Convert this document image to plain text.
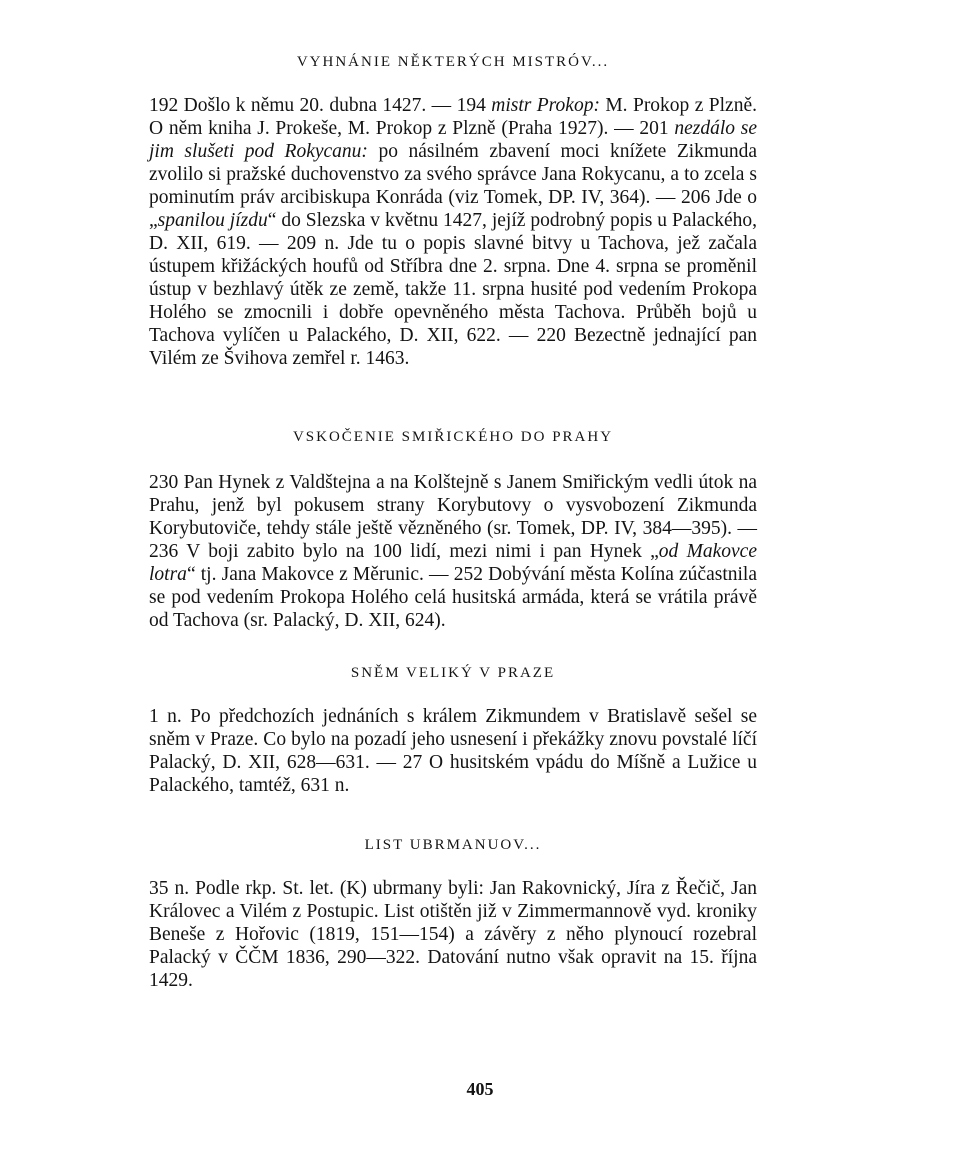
VYHNÁNIE NĚKTERÝCH MISTRÓV...

192 Došlo k němu 20. dubna 1427. — 194 mistr Prokop: M. Prokop z Plzně. O něm kniha J. Prokeše, M. Prokop z Plzně (Praha 1927). — 201 nezdálo se jim slušeti pod Rokycanu: po násilném zbavení moci knížete Zikmunda zvolilo si pražské duchovenstvo za svého správce Jana Rokycanu, a to zcela s pominutím práv arcibiskupa Konráda (viz Tomek, DP. IV, 364). — 206 Jde o „spanilou jízdu“ do Slezska v květnu 1427, jejíž podrobný popis u Palackého, D. XII, 619. — 209 n. Jde tu o popis slavné bitvy u Tachova, jež začala ústupem křižáckých houfů od Stříbra dne 2. srpna. Dne 4. srpna se proměnil ústup v bezhlavý útěk ze země, takže 11. srpna husité pod vedením Prokopa Holého se zmocnili i dobře opevněného města Tachova. Průběh bojů u Tachova vylíčen u Palackého, D. XII, 622. — 220 Bezectně jednající pan Vilém ze Švihova zemřel r. 1463.

VSKOČENIE SMIŘICKÉHO DO PRAHY

230 Pan Hynek z Valdštejna a na Kolštejně s Janem Smiřickým vedli útok na Prahu, jenž byl pokusem strany Korybutovy o vysvobození Zikmunda Korybutoviče, tehdy stále ještě vězněného (sr. Tomek, DP. IV, 384—395). — 236 V boji zabito bylo na 100 lidí, mezi nimi i pan Hynek „od Makovce lotra“ tj. Jana Makovce z Měrunic. — 252 Dobývání města Kolína zúčastnila se pod vedením Prokopa Holého celá husitská armáda, která se vrátila právě od Tachova (sr. Palacký, D. XII, 624).

SNĚM VELIKÝ V PRAZE

1 n. Po předchozích jednáních s králem Zikmundem v Bratislavě sešel se sněm v Praze. Co bylo na pozadí jeho usnesení i překážky znovu povstalé líčí Palacký, D. XII, 628—631. — 27 O husitském vpádu do Míšně a Lužice u Palackého, tamtéž, 631 n.

LIST UBRMANUOV...

35 n. Podle rkp. St. let. (K) ubrmany byli: Jan Rakovnický, Jíra z Řečič, Jan Královec a Vilém z Postupic. List otištěn již v Zimmermannově vyd. kroniky Beneše z Hořovic (1819, 151—154) a závěry z něho plynoucí rozebral Palacký v ČČM 1836, 290—322. Datování nutno však opravit na 15. října 1429.

405
